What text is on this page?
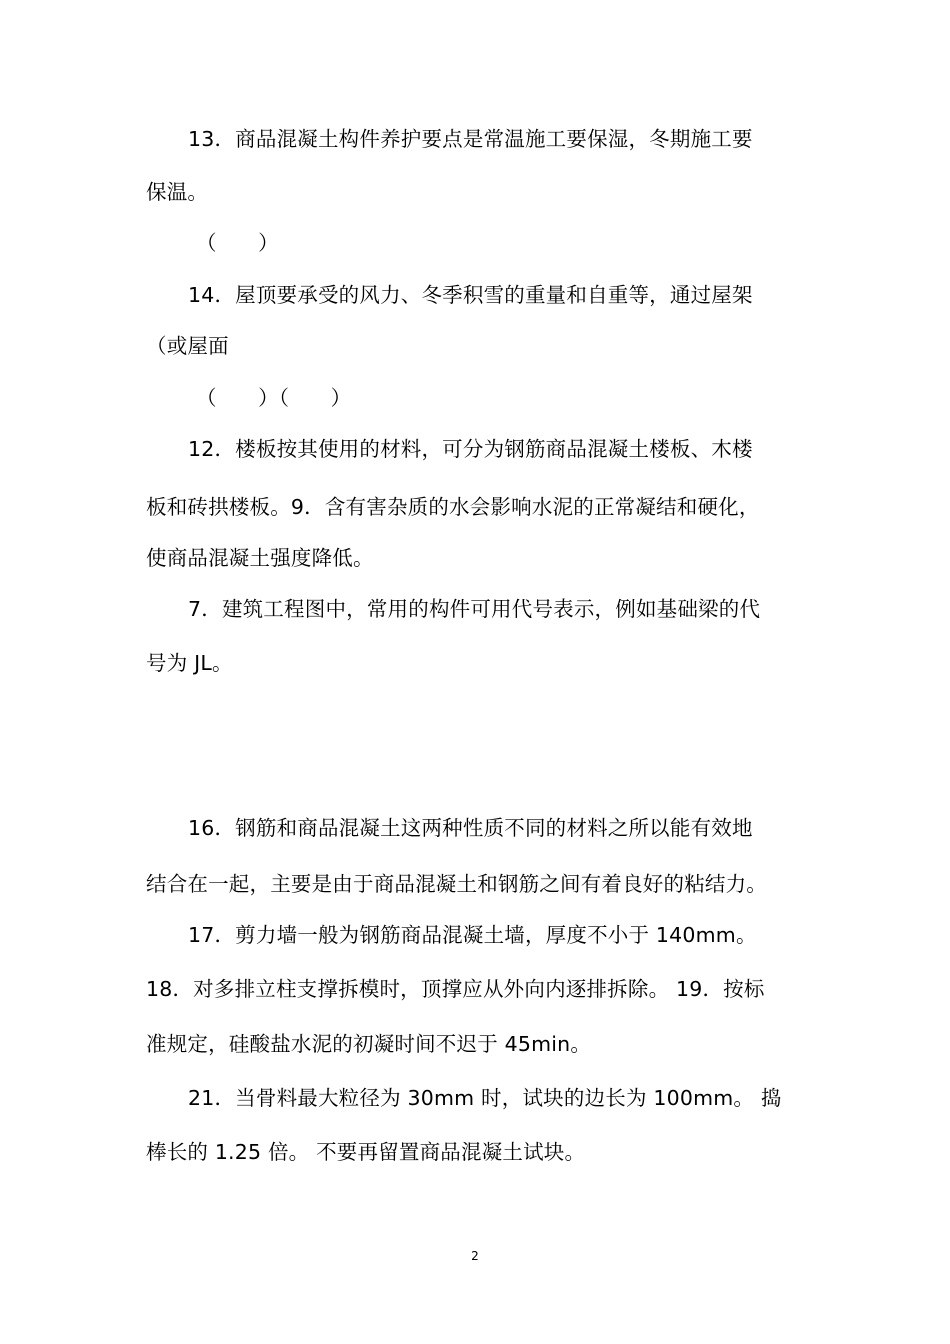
13．商品混凝土构件养护要点是常温施工要保湿，冬期施工要
保温。
（　　）
14．屋顶要承受的风力、冬季积雪的重量和自重等，通过屋架
（或屋面
（　　）（　　）
12．楼板按其使用的材料，可分为钢筋商品混凝土楼板、木楼
板和砖拱楼板。9．含有害杂质的水会影响水泥的正常凝结和硬化，
使商品混凝土强度降低。
7．建筑工程图中，常用的构件可用代号表示，例如基础梁的代
号为 JL。
16．钢筋和商品混凝土这两种性质不同的材料之所以能有效地
结合在一起，主要是由于商品混凝土和钢筋之间有着良好的粘结力。
17．剪力墙一般为钢筋商品混凝土墙，厚度不小于 140mm。
18．对多排立柱支撑拆模时，顶撑应从外向内逐排拆除。 19．按标
准规定，硅酸盐水泥的初凝时间不迟于 45min。
21．当骨料最大粒径为 30mm 时，试块的边长为 100mm。 捣
棒长的 1.25 倍。 不要再留置商品混凝土试块。
2
